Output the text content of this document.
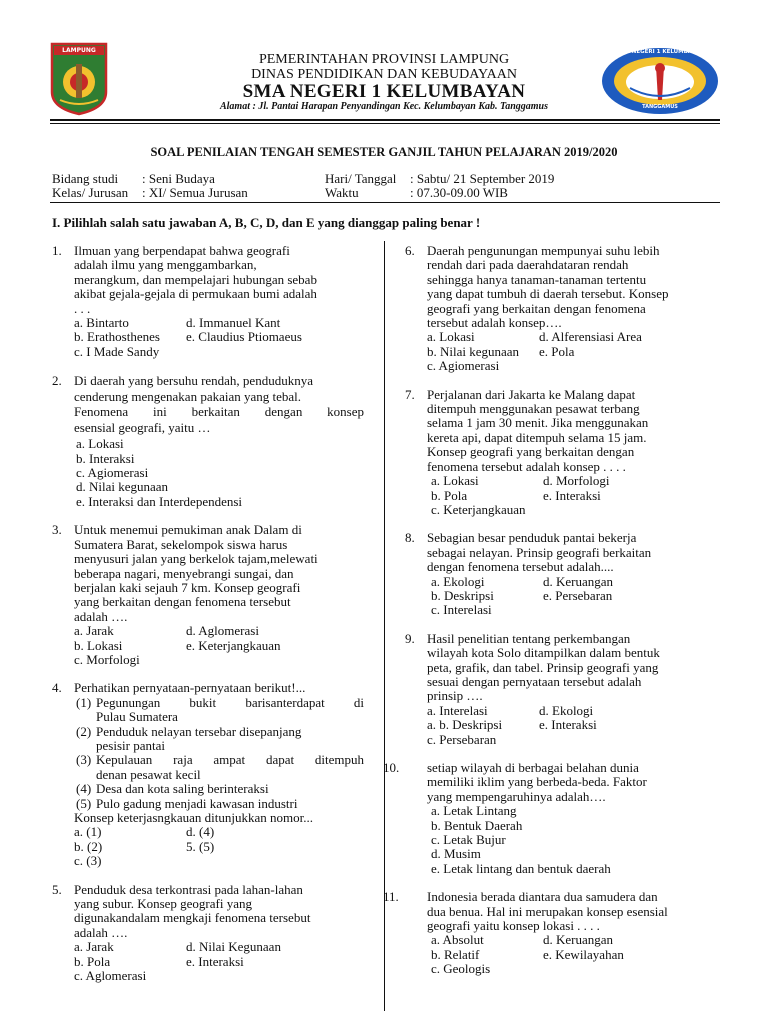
LAMPUNG	SMA NEGERI 1 KELUMBAYAN
TANGGAMUS
PEMERINTAHAN PROVINSI LAMPUNG
DINAS PENDIDIKAN DAN KEBUDAYAAN
SMA NEGERI 1 KELUMBAYAN
Alamat : Jl. Pantai Harapan Penyandingan Kec. Kelumbayan Kab. Tanggamus
SOAL PENILAIAN TENGAH SEMESTER GANJIL TAHUN PELAJARAN 2019/2020
Bidang studi : Seni Budaya
Kelas/ Jurusan : XI/ Semua Jurusan
Hari/ Tanggal : Sabtu/ 21 September 2019
Waktu	: 07.30-09.00 WIB
I. Pilihlah salah satu jawaban A, B, C, D, dan E yang dianggap paling benar !
1. Ilmuan yang berpendapat bahwa geografi
adalah ilmu yang menggambarkan,
merangkum, dan mempelajari hubungan sebab
akibat gejala-gejala di permukaan bumi adalah
. . .
a. Bintarto	d. Immanuel Kant
b. Erathosthenes	e. Claudius Ptiomaeus
c. I Made Sandy
2. Di daerah yang bersuhu rendah, penduduknya
cenderung mengenakan pakaian yang tebal.
Fenomena ini berkaitan dengan konsep
esensial geografi, yaitu …
a. Lokasi
b. Interaksi
c. Agiomerasi
d. Nilai kegunaan
e. Interaksi dan Interdependensi
3. Untuk menemui pemukiman anak Dalam di
Sumatera Barat, sekelompok siswa harus
menyusuri jalan yang berkelok tajam,melewati
beberapa nagari, menyebrangi sungai, dan
berjalan kaki sejauh 7 km. Konsep geografi
yang berkaitan dengan fenomena tersebut
adalah ….
a. Jarak	d. Aglomerasi
b. Lokasi	e. Keterjangkauan
c. Morfologi
4. Perhatikan pernyataan-pernyataan berikut!...
(1) Pegunungan bukit barisanterdapat di
Pulau Sumatera
(2) Penduduk nelayan tersebar disepanjang
pesisir pantai
(3) Kepulauan raja ampat dapat ditempuh
denan pesawat kecil
(4) Desa dan kota saling berinteraksi
(5) Pulo gadung menjadi kawasan industri
Konsep keterjasngkauan ditunjukkan nomor...
a. (1)	d. (4)
b. (2)	5. (5)
c. (3)
5. Penduduk desa terkontrasi pada lahan-lahan
yang subur. Konsep geografi yang
digunakandalam mengkaji fenomena tersebut
adalah ….
a. Jarak	d. Nilai Kegunaan
b. Pola	e. Interaksi
c. Aglomerasi
6. Daerah pengunungan mempunyai suhu lebih
rendah dari pada daerahdataran rendah
sehingga hanya tanaman-tanaman tertentu
yang dapat tumbuh di daerah tersebut. Konsep
geografi yang berkaitan dengan fenomena
tersebut adalah konsep….
a. Lokasi	d. Alferensiasi Area
b. Nilai kegunaan	e. Pola
c. Agiomerasi
7. Perjalanan dari Jakarta ke Malang dapat
ditempuh menggunakan pesawat terbang
selama 1 jam 30 menit. Jika menggunakan
kereta api, dapat ditempuh selama 15 jam.
Konsep geografi yang berkaitan dengan
fenomena tersebut adalah konsep . . . .
a. Lokasi	d. Morfologi
b. Pola	e. Interaksi
c. Keterjangkauan
8. Sebagian besar penduduk pantai bekerja
sebagai nelayan. Prinsip geografi berkaitan
dengan fenomena tersebut adalah....
a. Ekologi	d. Keruangan
b. Deskripsi	e. Persebaran
c. Interelasi
9. Hasil penelitian tentang perkembangan
wilayah kota Solo ditampilkan dalam bentuk
peta, grafik, dan tabel. Prinsip geografi yang
sesuai dengan pernyataan tersebut adalah
prinsip ….
a. Interelasi	d. Ekologi
a. b. Deskripsi	e. Interaksi
c. Persebaran
10. setiap wilayah di berbagai belahan dunia
memiliki iklim yang berbeda-beda. Faktor
yang mempengaruhinya adalah….
a. Letak Lintang
b. Bentuk Daerah
c. Letak Bujur
d. Musim
e. Letak lintang dan bentuk daerah
11. Indonesia berada diantara dua samudera dan
dua benua. Hal ini merupakan konsep esensial
geografi yaitu konsep lokasi . . . .
a. Absolut	d. Keruangan
b. Relatif	e. Kewilayahan
c. Geologis
